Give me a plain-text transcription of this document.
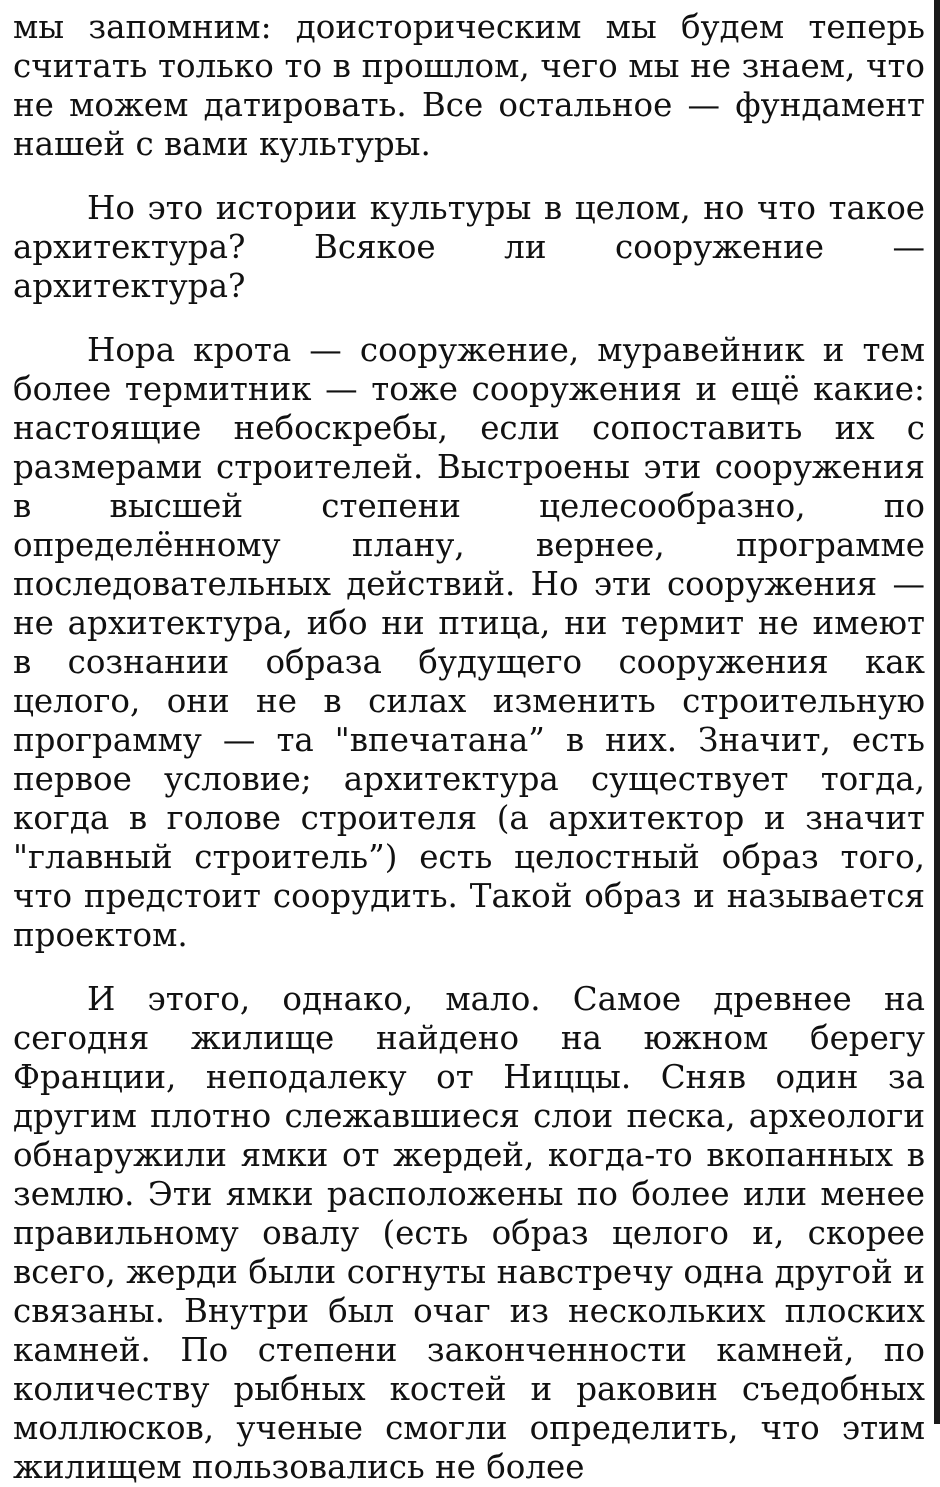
мы запомним: доисторическим мы будем теперь считать только то в прошлом, чего мы не знаем, что не можем датировать. Все остальное — фундамент нашей с вами культуры.

Но это истории культуры в целом, но что такое архитектура? Всякое ли сооружение — архитектура?

Нора крота — сооружение, муравейник и тем более термитник — тоже сооружения и ещё какие: настоящие небоскребы, если сопоставить их с размерами строителей. Выстроены эти сооружения в высшей степени целесообразно, по определённому плану, вернее, программе последовательных действий. Но эти сооружения — не архитектура, ибо ни птица, ни термит не имеют в сознании образа будущего сооружения как целого, они не в силах изменить строительную программу — та "впечатана” в них. Значит, есть первое условие; архитектура существует тогда, когда в голове строителя (а архитектор и значит "главный строитель”) есть целостный образ того, что предстоит соорудить. Такой образ и называется проектом.

И этого, однако, мало. Самое древнее на сегодня жилище найдено на южном берегу Франции, неподалеку от Ниццы. Сняв один за другим плотно слежавшиеся слои песка, археологи обнаружили ямки от жердей, когда-то вкопанных в землю. Эти ямки расположены по более или менее правильному овалу (есть образ целого и, скорее всего, жерди были согнуты навстречу одна другой и связаны. Внутри был очаг из нескольких плоских камней. По степени законченности камней, по количеству рыбных костей и раковин съедобных моллюсков, ученые смогли определить, что этим жилищем пользовались не более
